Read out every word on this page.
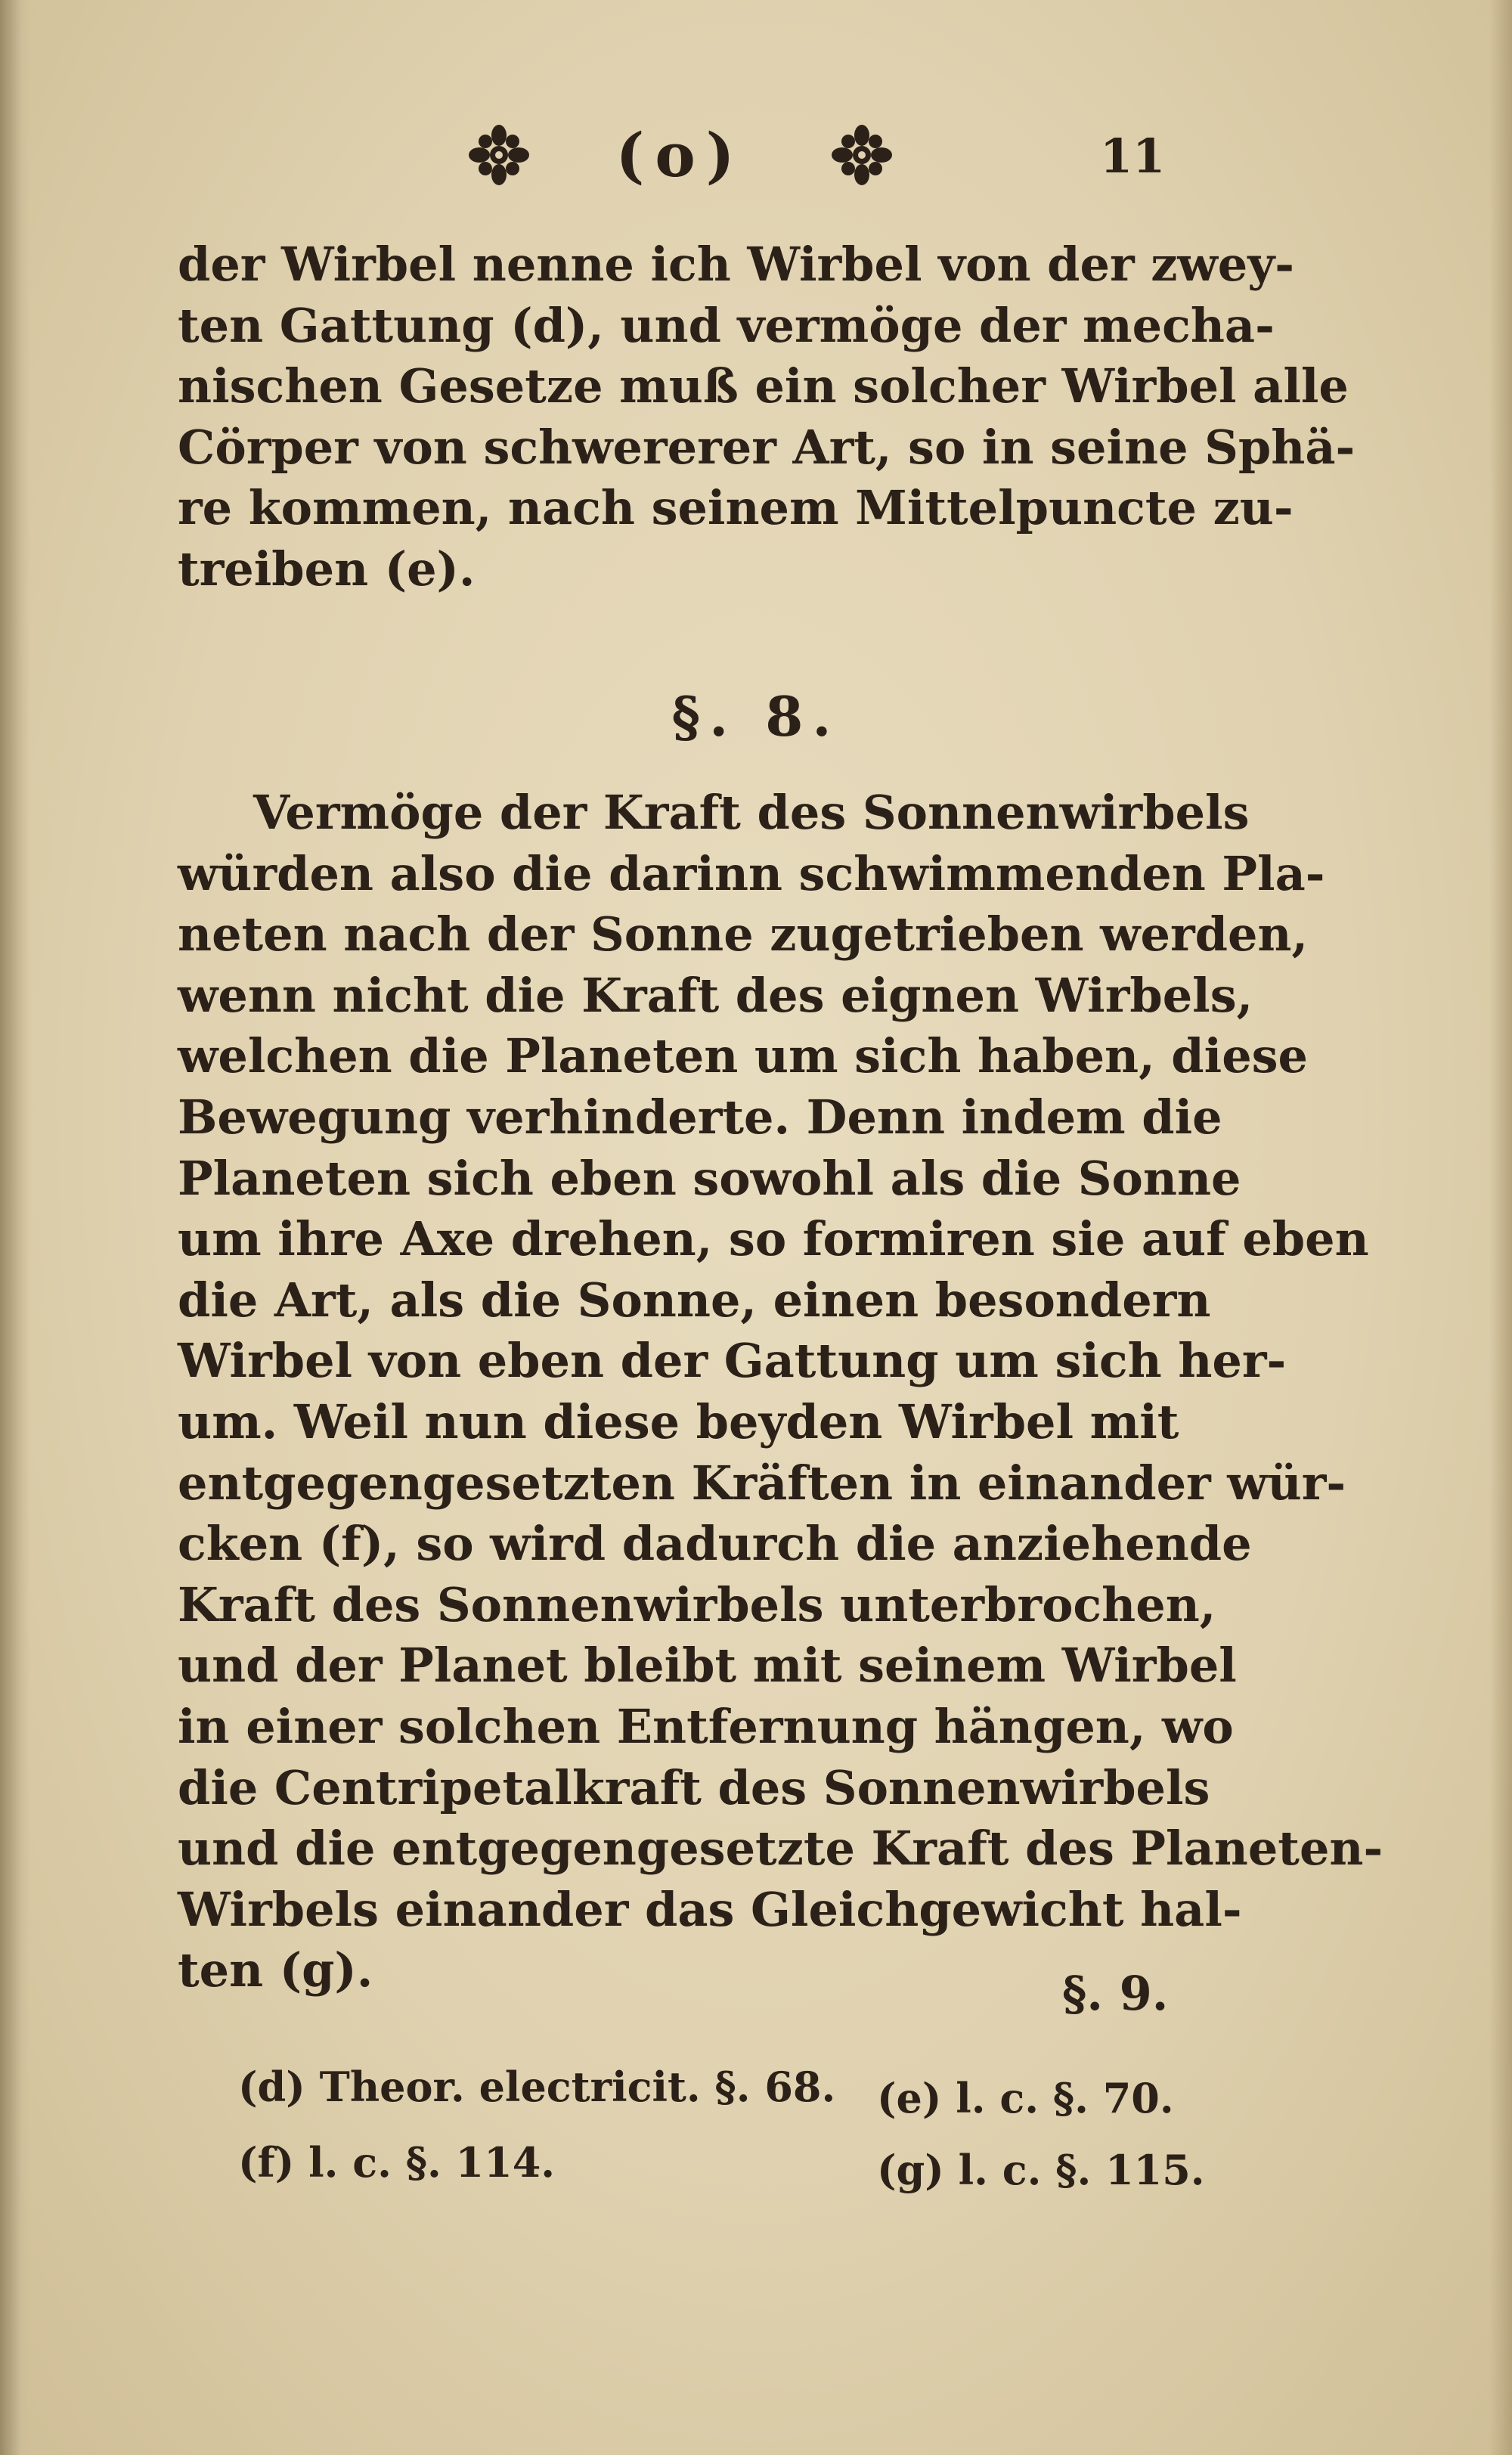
(o)	11
der Wirbel nenne ich Wirbel von der zwey-
ten Gattung (d), und vermöge der mecha-
nischen Gesetze muß ein solcher Wirbel alle
Cörper von schwererer Art, so in seine Sphä-
re kommen, nach seinem Mittelpuncte zu-
treiben (e).
§. 8.
Vermöge der Kraft des Sonnenwirbels
würden also die darinn schwimmenden Pla-
neten nach der Sonne zugetrieben werden,
wenn nicht die Kraft des eignen Wirbels,
welchen die Planeten um sich haben, diese
Bewegung verhinderte. Denn indem die
Planeten sich eben sowohl als die Sonne
um ihre Axe drehen, so formiren sie auf eben
die Art, als die Sonne, einen besondern
Wirbel von eben der Gattung um sich her-
um. Weil nun diese beyden Wirbel mit
entgegengesetzten Kräften in einander wür-
cken (f), so wird dadurch die anziehende
Kraft des Sonnenwirbels unterbrochen,
und der Planet bleibt mit seinem Wirbel
in einer solchen Entfernung hängen, wo
die Centripetalkraft des Sonnenwirbels
und die entgegengesetzte Kraft des Planeten-
Wirbels einander das Gleichgewicht hal-
ten (g).	§. 9.
(d) Theor. electricit. §. 68. (e) l. c. §. 70.
(f) l. c. §. 114.	(g) l. c. §. 115.
